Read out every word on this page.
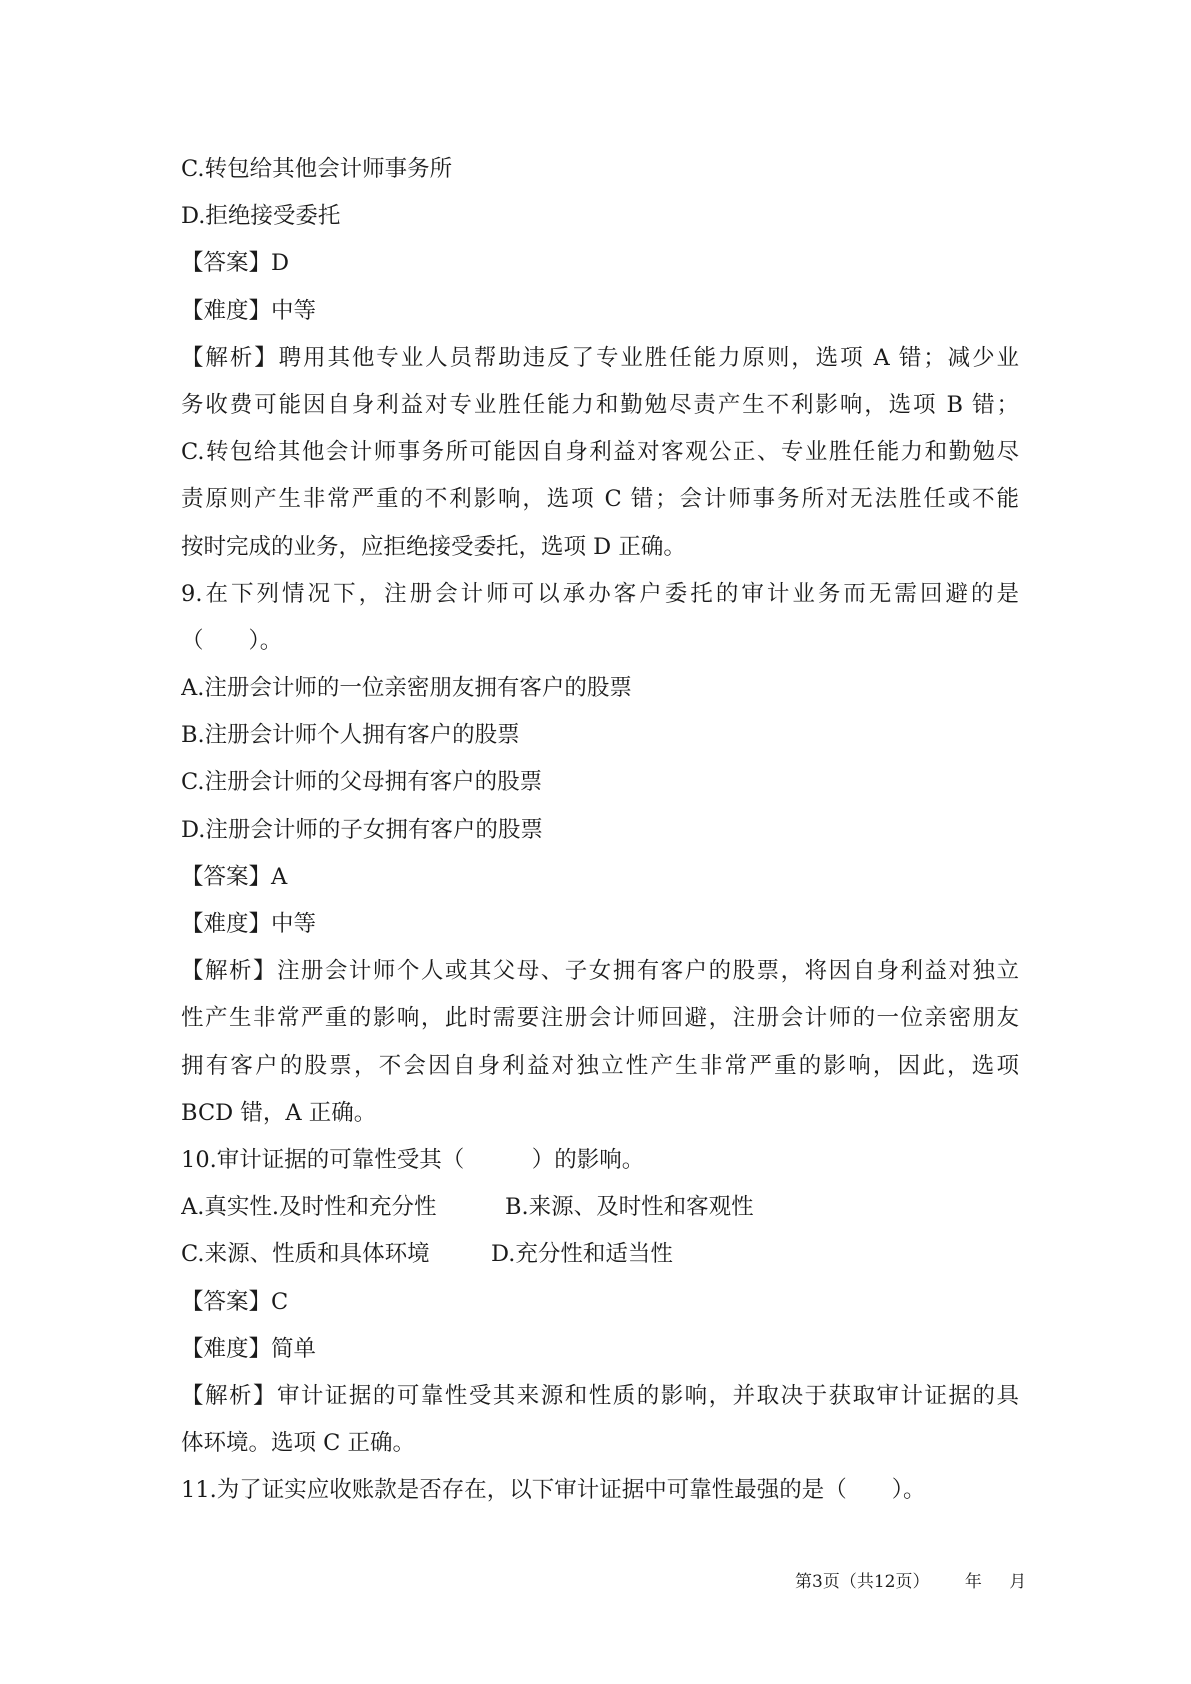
C.转包给其他会计师事务所
D.拒绝接受委托
【答案】D
【难度】中等
【解析】聘用其他专业人员帮助违反了专业胜任能力原则，选项 A 错；减少业
务收费可能因自身利益对专业胜任能力和勤勉尽责产生不利影响，选项 B 错；
C.转包给其他会计师事务所可能因自身利益对客观公正、专业胜任能力和勤勉尽
责原则产生非常严重的不利影响，选项 C 错；会计师事务所对无法胜任或不能
按时完成的业务，应拒绝接受委托，选项 D 正确。
9.在下列情况下，注册会计师可以承办客户委托的审计业务而无需回避的是
（　　）。
A.注册会计师的一位亲密朋友拥有客户的股票
B.注册会计师个人拥有客户的股票
C.注册会计师的父母拥有客户的股票
D.注册会计师的子女拥有客户的股票
【答案】A
【难度】中等
【解析】注册会计师个人或其父母、子女拥有客户的股票，将因自身利益对独立
性产生非常严重的影响，此时需要注册会计师回避，注册会计师的一位亲密朋友
拥有客户的股票，不会因自身利益对独立性产生非常严重的影响，因此，选项
BCD 错，A 正确。
10.审计证据的可靠性受其（　　　）的影响。
A.真实性.及时性和充分性	B.来源、及时性和客观性
C.来源、性质和具体环境	D.充分性和适当性
【答案】C
【难度】简单
【解析】审计证据的可靠性受其来源和性质的影响，并取决于获取审计证据的具
体环境。选项 C 正确。
11.为了证实应收账款是否存在，以下审计证据中可靠性最强的是（　　）。
第3页（共12页） 年 月
